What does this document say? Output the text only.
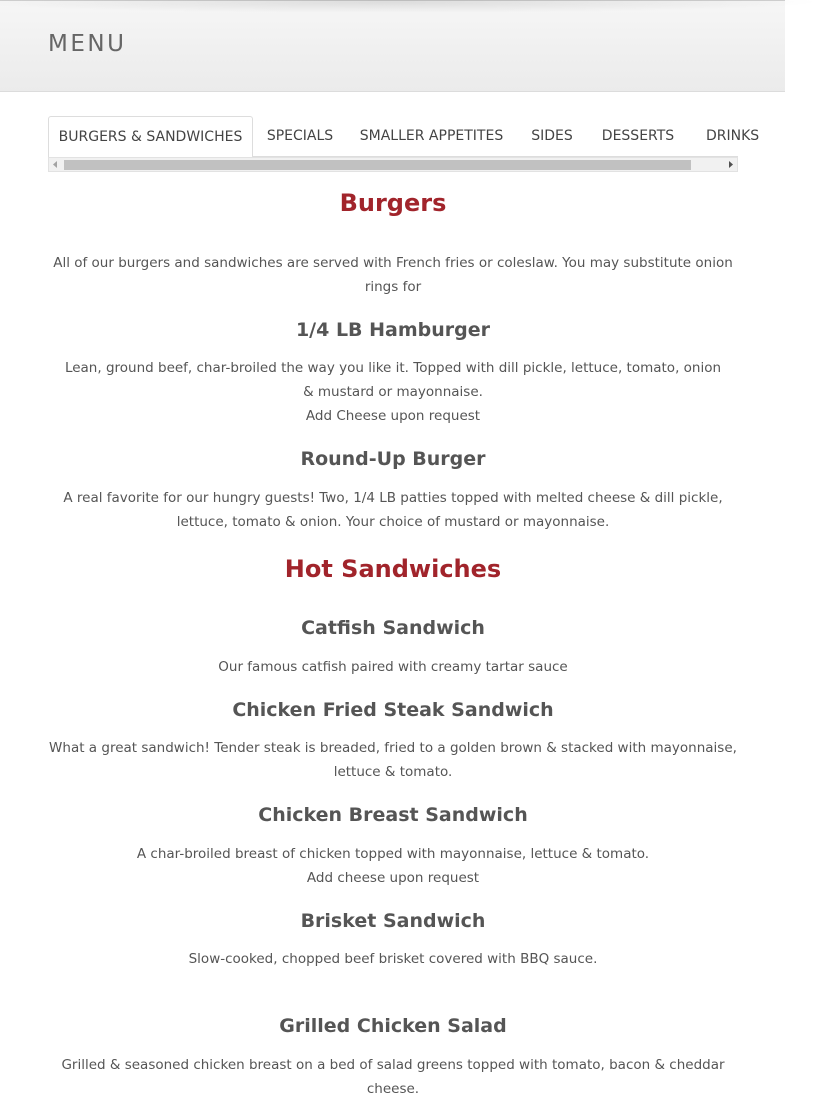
MENU
BURGERS & SANDWICHES	SPECIALS	SMALLER APPETITES	SIDES	DESSERTS	DRINKS
Burgers
All of our burgers and sandwiches are served with French fries or coleslaw. You may substitute onion rings for
1/4 LB Hamburger
Lean, ground beef, char-broiled the way you like it. Topped with dill pickle, lettuce, tomato, onion & mustard or mayonnaise.
Add Cheese upon request
Round-Up Burger
A real favorite for our hungry guests! Two, 1/4 LB patties topped with melted cheese & dill pickle, lettuce, tomato & onion. Your choice of mustard or mayonnaise.
Hot Sandwiches
Catfish Sandwich
Our famous catfish paired with creamy tartar sauce
Chicken Fried Steak Sandwich
What a great sandwich! Tender steak is breaded, fried to a golden brown & stacked with mayonnaise, lettuce & tomato.
Chicken Breast Sandwich
A char-broiled breast of chicken topped with mayonnaise, lettuce & tomato.
Add cheese upon request
Brisket Sandwich
Slow-cooked, chopped beef brisket covered with BBQ sauce.
Grilled Chicken Salad
Grilled & seasoned chicken breast on a bed of salad greens topped with tomato, bacon & cheddar cheese.
